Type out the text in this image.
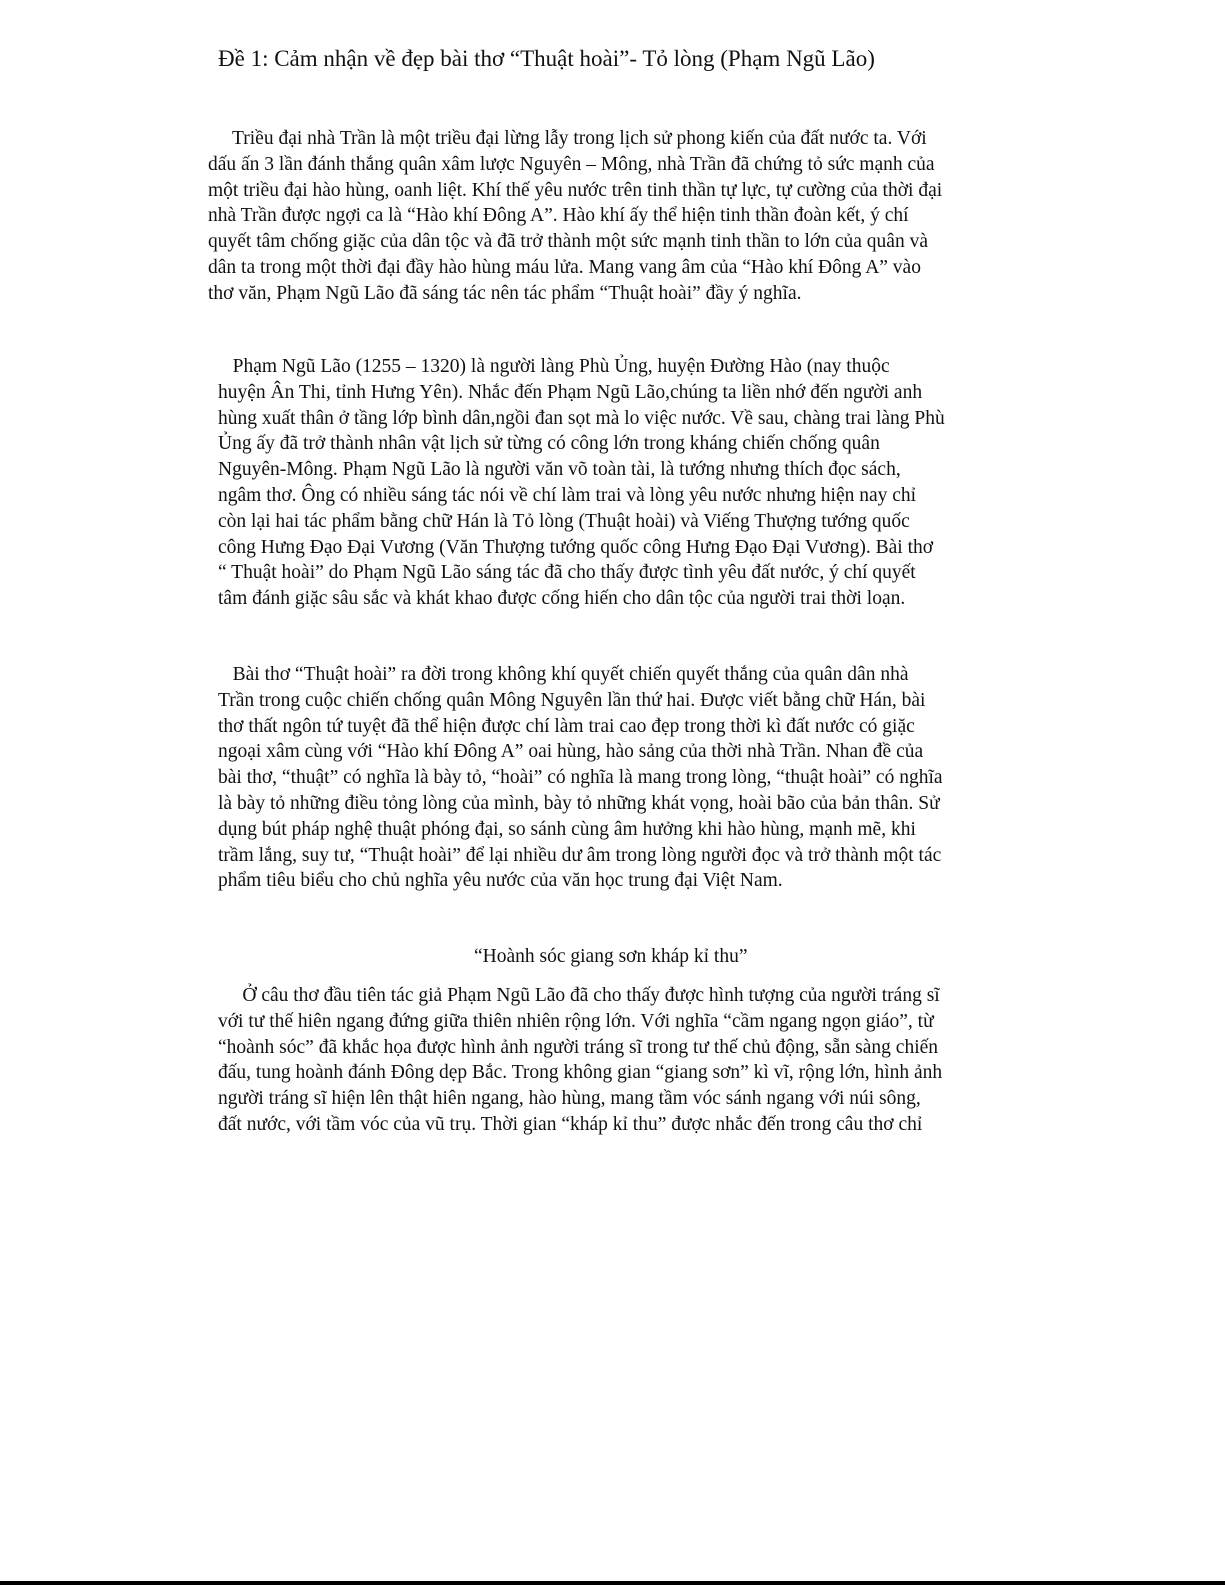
Đề 1: Cảm nhận về đẹp bài thơ “Thuật hoài”- Tỏ lòng (Phạm Ngũ Lão)
Triều đại nhà Trần là một triều đại lừng lẫy trong lịch sử phong kiến của đất nước ta. Với
dấu ấn 3 lần đánh thắng quân xâm lược Nguyên – Mông, nhà Trần đã chứng tỏ sức mạnh của
một triều đại hào hùng, oanh liệt. Khí thế yêu nước trên tinh thần tự lực, tự cường của thời đại
nhà Trần được ngợi ca là “Hào khí Đông A”. Hào khí ấy thể hiện tinh thần đoàn kết, ý chí
quyết tâm chống giặc của dân tộc và đã trở thành một sức mạnh tinh thần to lớn của quân và
dân ta trong một thời đại đầy hào hùng máu lửa. Mang vang âm của “Hào khí Đông A” vào
thơ văn, Phạm Ngũ Lão đã sáng tác nên tác phẩm “Thuật hoài” đầy ý nghĩa.
Phạm Ngũ Lão (1255 – 1320) là người làng Phù Ủng, huyện Đường Hào (nay thuộc
huyện Ân Thi, tỉnh Hưng Yên). Nhắc đến Phạm Ngũ Lão,chúng ta liền nhớ đến người anh
hùng xuất thân ở tầng lớp bình dân,ngồi đan sọt mà lo việc nước. Về sau, chàng trai làng Phù
Ủng ấy đã trở thành nhân vật lịch sử từng có công lớn trong kháng chiến chống quân
Nguyên-Mông. Phạm Ngũ Lão là người văn võ toàn tài, là tướng nhưng thích đọc sách,
ngâm thơ. Ông có nhiều sáng tác nói về chí làm trai và lòng yêu nước nhưng hiện nay chỉ
còn lại hai tác phẩm bằng chữ Hán là Tỏ lòng (Thuật hoài) và Viếng Thượng tướng quốc
công Hưng Đạo Đại Vương (Văn Thượng tướng quốc công Hưng Đạo Đại Vương). Bài thơ
“ Thuật hoài” do Phạm Ngũ Lão sáng tác đã cho thấy được tình yêu đất nước, ý chí quyết
tâm đánh giặc sâu sắc và khát khao được cống hiến cho dân tộc của người trai thời loạn.
Bài thơ “Thuật hoài” ra đời trong không khí quyết chiến quyết thắng của quân dân nhà
Trần trong cuộc chiến chống quân Mông Nguyên lần thứ hai. Được viết bằng chữ Hán, bài
thơ thất ngôn tứ tuyệt đã thể hiện được chí làm trai cao đẹp trong thời kì đất nước có giặc
ngoại xâm cùng với “Hào khí Đông A” oai hùng, hào sảng của thời nhà Trần. Nhan đề của
bài thơ, “thuật” có nghĩa là bày tỏ, “hoài” có nghĩa là mang trong lòng, “thuật hoài” có nghĩa
là bày tỏ những điều tỏng lòng của mình, bày tỏ những khát vọng, hoài bão của bản thân. Sử
dụng bút pháp nghệ thuật phóng đại, so sánh cùng âm hưởng khi hào hùng, mạnh mẽ, khi
trầm lắng, suy tư, “Thuật hoài” để lại nhiều dư âm trong lòng người đọc và trở thành một tác
phẩm tiêu biểu cho chủ nghĩa yêu nước của văn học trung đại Việt Nam.

“Hoành sóc giang sơn kháp kỉ thu”

Ở câu thơ đầu tiên tác giả Phạm Ngũ Lão đã cho thấy được hình tượng của người tráng sĩ
với tư thế hiên ngang đứng giữa thiên nhiên rộng lớn. Với nghĩa “cầm ngang ngọn giáo”, từ
“hoành sóc” đã khắc họa được hình ảnh người tráng sĩ trong tư thế chủ động, sẵn sàng chiến
đấu, tung hoành đánh Đông dẹp Bắc. Trong không gian “giang sơn” kì vĩ, rộng lớn, hình ảnh
người tráng sĩ hiện lên thật hiên ngang, hào hùng, mang tầm vóc sánh ngang với núi sông,
đất nước, với tầm vóc của vũ trụ. Thời gian “kháp kỉ thu” được nhắc đến trong câu thơ chỉ
